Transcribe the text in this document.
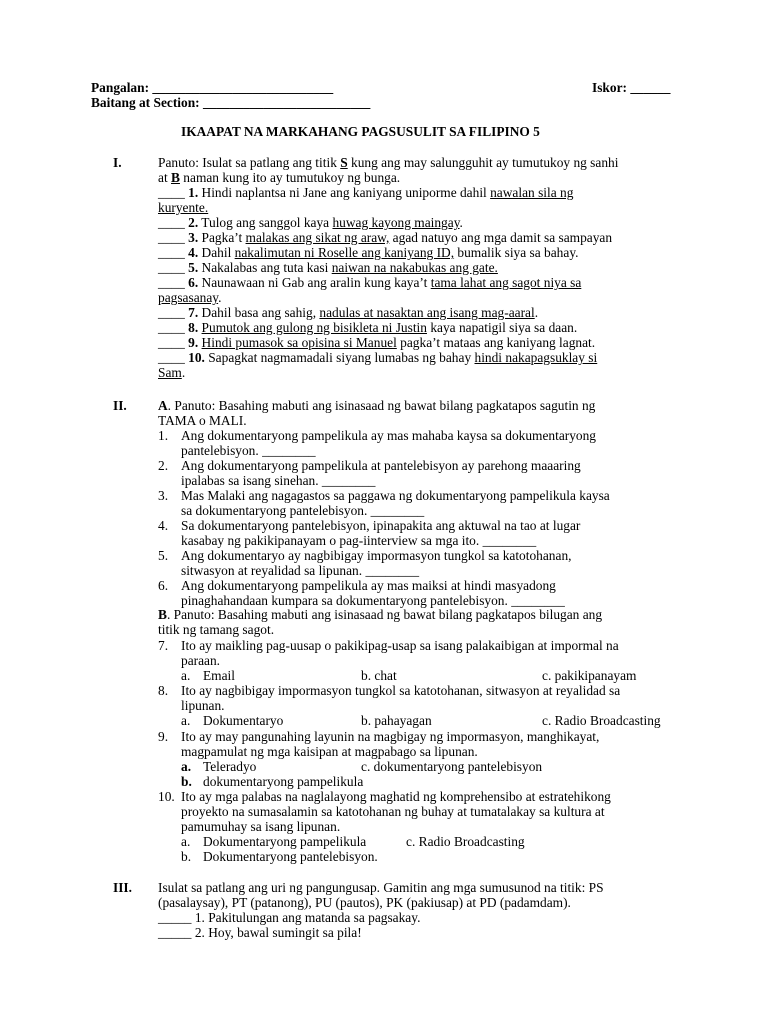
Pangalan: ___________________________	Iskor: ______
Baitang at Section: _________________________
IKAAPAT NA MARKAHANG PAGSUSULIT SA FILIPINO 5
I.	Panuto: Isulat sa patlang ang titik S kung ang may salungguhit ay tumutukoy ng sanhi
at B naman kung ito ay tumutukoy ng bunga.
____ 1. Hindi naplantsa ni Jane ang kaniyang uniporme dahil nawalan sila ng
kuryente.
____ 2. Tulog ang sanggol kaya huwag kayong maingay.
____ 3. Pagka’t malakas ang sikat ng araw, agad natuyo ang mga damit sa sampayan
____ 4. Dahil nakalimutan ni Roselle ang kaniyang ID, bumalik siya sa bahay.
____ 5. Nakalabas ang tuta kasi naiwan na nakabukas ang gate.
____ 6. Naunawaan ni Gab ang aralin kung kaya’t tama lahat ang sagot niya sa
pagsasanay.
____ 7. Dahil basa ang sahig, nadulas at nasaktan ang isang mag-aaral.
____ 8. Pumutok ang gulong ng bisikleta ni Justin kaya napatigil siya sa daan.
____ 9. Hindi pumasok sa opisina si Manuel pagka’t mataas ang kaniyang lagnat.
____ 10. Sapagkat nagmamadali siyang lumabas ng bahay hindi nakapagsuklay si
Sam.
II. A. Panuto: Basahing mabuti ang isinasaad ng bawat bilang pagkatapos sagutin ng
TAMA o MALI.
1. Ang dokumentaryong pampelikula ay mas mahaba kaysa sa dokumentaryong
pantelebisyon. ________
2. Ang dokumentaryong pampelikula at pantelebisyon ay parehong maaaring
ipalabas sa isang sinehan. ________
3. Mas Malaki ang nagagastos sa paggawa ng dokumentaryong pampelikula kaysa
sa dokumentaryong pantelebisyon. ________
4. Sa dokumentaryong pantelebisyon, ipinapakita ang aktuwal na tao at lugar
kasabay ng pakikipanayam o pag-iinterview sa mga ito. ________
5. Ang dokumentaryo ay nagbibigay impormasyon tungkol sa katotohanan,
sitwasyon at reyalidad sa lipunan. ________
6. Ang dokumentaryong pampelikula ay mas maiksi at hindi masyadong
pinaghahandaan kumpara sa dokumentaryong pantelebisyon. ________
B. Panuto: Basahing mabuti ang isinasaad ng bawat bilang pagkatapos bilugan ang
titik ng tamang sagot.
7. Ito ay maikling pag-uusap o pakikipag-usap sa isang palakaibigan at impormal na
paraan.
a. Email	b. chat	c. pakikipanayam
8. Ito ay nagbibigay impormasyon tungkol sa katotohanan, sitwasyon at reyalidad sa
lipunan.
a. Dokumentaryo	b. pahayagan	c. Radio Broadcasting
9. Ito ay may pangunahing layunin na magbigay ng impormasyon, manghikayat,
magpamulat ng mga kaisipan at magpabago sa lipunan.
a. Teleradyo	c. dokumentaryong pantelebisyon
b. dokumentaryong pampelikula
10. Ito ay mga palabas na naglalayong maghatid ng komprehensibo at estratehikong
proyekto na sumasalamin sa katotohanan ng buhay at tumatalakay sa kultura at
pamumuhay sa isang lipunan.
a. Dokumentaryong pampelikula	c. Radio Broadcasting
b. Dokumentaryong pantelebisyon.
III. Isulat sa patlang ang uri ng pangungusap. Gamitin ang mga sumusunod na titik: PS
(pasalaysay), PT (patanong), PU (pautos), PK (pakiusap) at PD (padamdam).
_____ 1. Pakitulungan ang matanda sa pagsakay.
_____ 2. Hoy, bawal sumingit sa pila!
